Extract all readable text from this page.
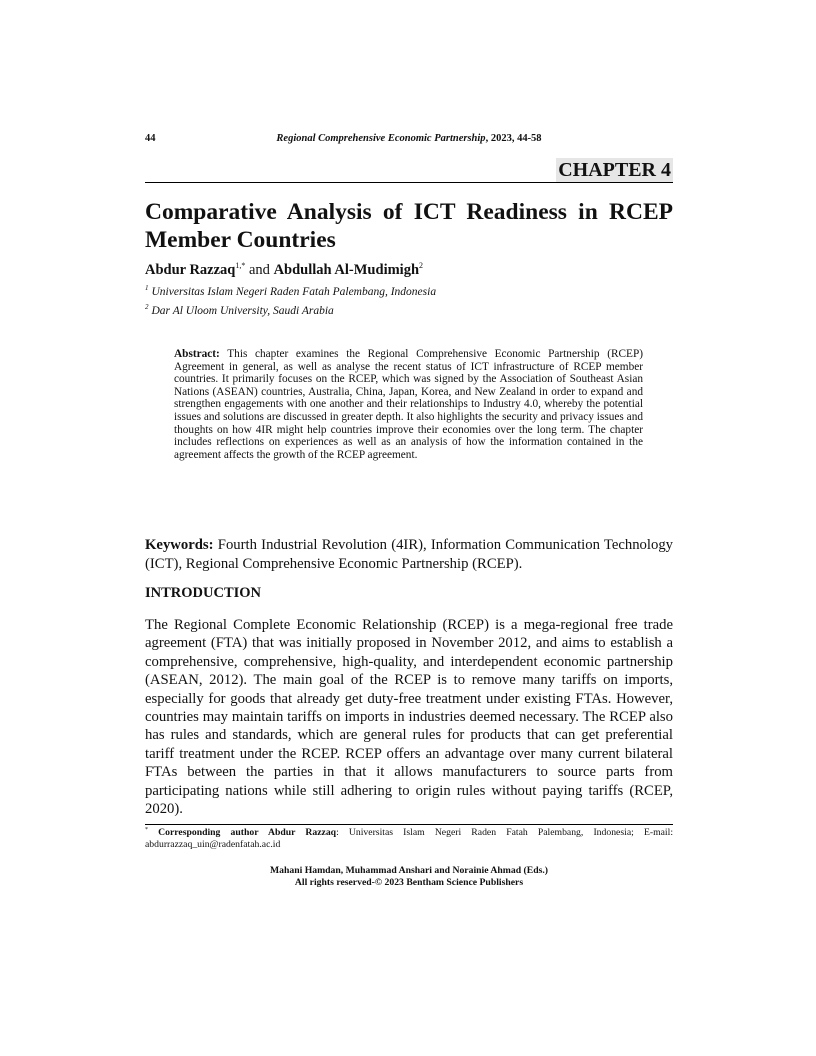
44	Regional Comprehensive Economic Partnership, 2023, 44-58
CHAPTER 4
Comparative Analysis of ICT Readiness in RCEP Member Countries
Abdur Razzaq$^{1,*}$ and Abdullah Al-Mudimigh$^2$
$^1$ Universitas Islam Negeri Raden Fatah Palembang, Indonesia
$^2$ Dar Al Uloom University, Saudi Arabia
Abstract: This chapter examines the Regional Comprehensive Economic Partnership (RCEP) Agreement in general, as well as analyse the recent status of ICT infrastructure of RCEP member countries. It primarily focuses on the RCEP, which was signed by the Association of Southeast Asian Nations (ASEAN) countries, Australia, China, Japan, Korea, and New Zealand in order to expand and strengthen engagements with one another and their relationships to Industry 4.0, whereby the potential issues and solutions are discussed in greater depth. It also highlights the security and privacy issues and thoughts on how 4IR might help countries improve their economies over the long term. The chapter includes reflections on experiences as well as an analysis of how the information contained in the agreement affects the growth of the RCEP agreement.
Keywords: Fourth Industrial Revolution (4IR), Information Communication Technology (ICT), Regional Comprehensive Economic Partnership (RCEP).
INTRODUCTION
The Regional Complete Economic Relationship (RCEP) is a mega-regional free trade agreement (FTA) that was initially proposed in November 2012, and aims to establish a comprehensive, comprehensive, high-quality, and interdependent economic partnership (ASEAN, 2012). The main goal of the RCEP is to remove many tariffs on imports, especially for goods that already get duty-free treatment under existing FTAs. However, countries may maintain tariffs on imports in industries deemed necessary. The RCEP also has rules and standards, which are general rules for products that can get preferential tariff treatment under the RCEP. RCEP offers an advantage over many current bilateral FTAs between the parties in that it allows manufacturers to source parts from participating nations while still adhering to origin rules without paying tariffs (RCEP, 2020).
* Corresponding author Abdur Razzaq: Universitas Islam Negeri Raden Fatah Palembang, Indonesia; E-mail: abdurrazzaq_uin@radenfatah.ac.id
Mahani Hamdan, Muhammad Anshari and Norainie Ahmad (Eds.)
All rights reserved-© 2023 Bentham Science Publishers
